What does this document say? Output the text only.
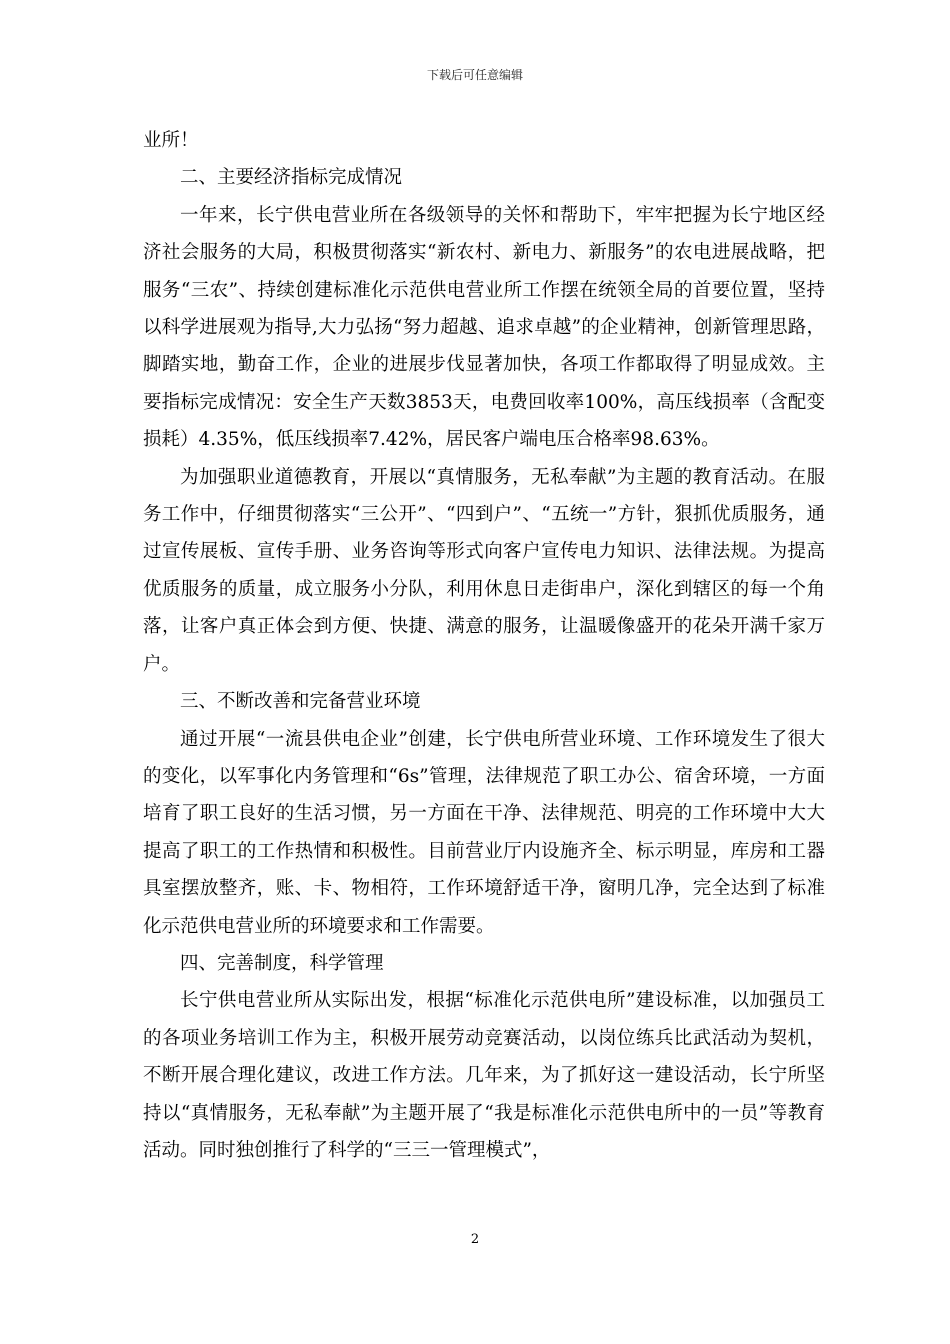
下载后可任意编辑

业所！

二、主要经济指标完成情况

一年来，长宁供电营业所在各级领导的关怀和帮助下，牢牢把握为长宁地区经济社会服务的大局，积极贯彻落实“新农村、新电力、新服务”的农电进展战略，把服务“三农”、持续创建标准化示范供电营业所工作摆在统领全局的首要位置，坚持以科学进展观为指导,大力弘扬“努力超越、追求卓越”的企业精神，创新管理思路，脚踏实地，勤奋工作，企业的进展步伐显著加快，各项工作都取得了明显成效。主要指标完成情况：安全生产天数3853天，电费回收率100%，高压线损率（含配变损耗）4.35%，低压线损率7.42%，居民客户端电压合格率98.63%。

为加强职业道德教育，开展以“真情服务，无私奉献”为主题的教育活动。在服务工作中，仔细贯彻落实“三公开”、“四到户”、“五统一”方针，狠抓优质服务，通过宣传展板、宣传手册、业务咨询等形式向客户宣传电力知识、法律法规。为提高优质服务的质量，成立服务小分队，利用休息日走街串户，深化到辖区的每一个角落，让客户真正体会到方便、快捷、满意的服务，让温暖像盛开的花朵开满千家万户。

三、不断改善和完备营业环境

通过开展“一流县供电企业”创建，长宁供电所营业环境、工作环境发生了很大的变化，以军事化内务管理和“6s”管理，法律规范了职工办公、宿舍环境，一方面培育了职工良好的生活习惯，另一方面在干净、法律规范、明亮的工作环境中大大提高了职工的工作热情和积极性。目前营业厅内设施齐全、标示明显，库房和工器具室摆放整齐，账、卡、物相符，工作环境舒适干净，窗明几净，完全达到了标准化示范供电营业所的环境要求和工作需要。

四、完善制度，科学管理

长宁供电营业所从实际出发，根据“标准化示范供电所”建设标准，以加强员工的各项业务培训工作为主，积极开展劳动竞赛活动，以岗位练兵比武活动为契机，不断开展合理化建议，改进工作方法。几年来，为了抓好这一建设活动，长宁所坚持以“真情服务，无私奉献”为主题开展了“我是标准化示范供电所中的一员”等教育活动。同时独创推行了科学的“三三一管理模式”，

2
